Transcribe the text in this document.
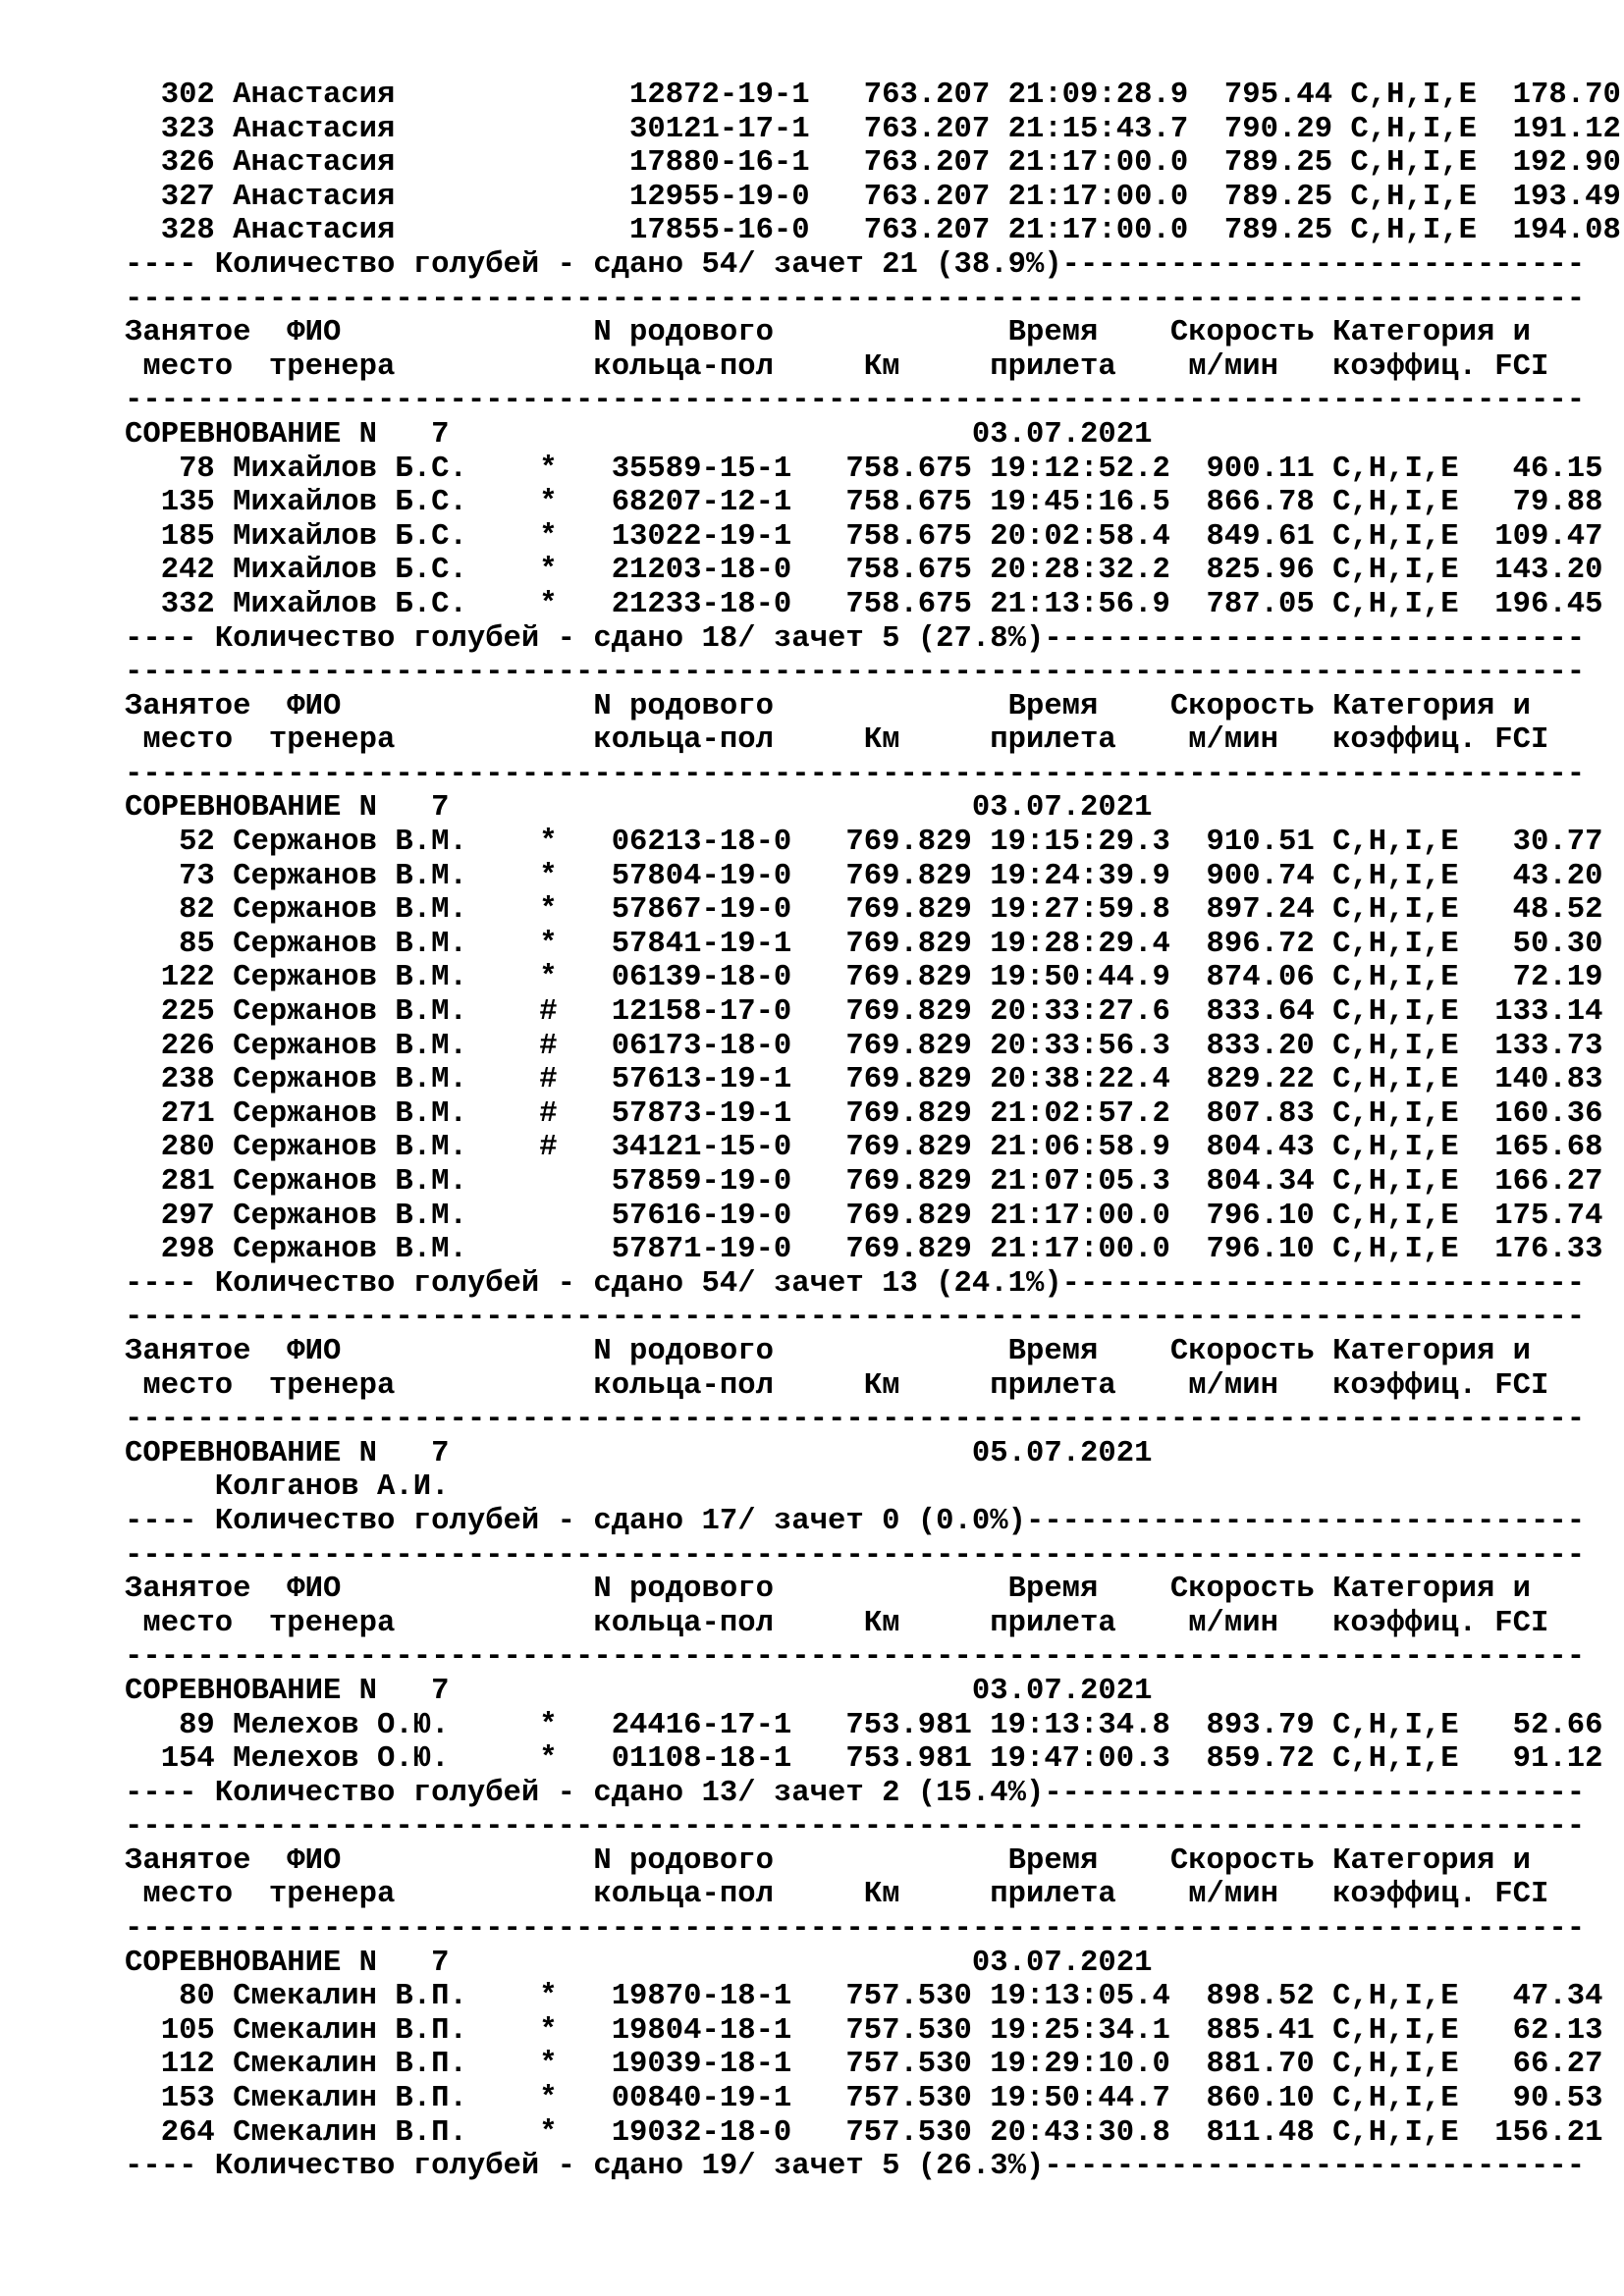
302 Анастасия             12872-19-1   763.207 21:09:28.9  795.44 C,H,I,E  178.70
323 Анастасия             30121-17-1   763.207 21:15:43.7  790.29 C,H,I,E  191.12
326 Анастасия             17880-16-1   763.207 21:17:00.0  789.25 C,H,I,E  192.90
327 Анастасия             12955-19-0   763.207 21:17:00.0  789.25 C,H,I,E  193.49
328 Анастасия             17855-16-0   763.207 21:17:00.0  789.25 C,H,I,E  194.08
---- Количество голубей - сдано 54/ зачет 21 (38.9%)-----------------------------
---------------------------------------------------------------------------------
Занятое  ФИО              N родового             Время    Скорость Категория и
место  тренера           кольца-пол     Км     прилета    м/мин   коэффиц. FCI
---------------------------------------------------------------------------------
СОРЕВНОВАНИЕ N   7                             03.07.2021
78 Михайлов Б.С.    *   35589-15-1   758.675 19:12:52.2  900.11 C,H,I,E   46.15
135 Михайлов Б.С.    *   68207-12-1   758.675 19:45:16.5  866.78 C,H,I,E   79.88
185 Михайлов Б.С.    *   13022-19-1   758.675 20:02:58.4  849.61 C,H,I,E  109.47
242 Михайлов Б.С.    *   21203-18-0   758.675 20:28:32.2  825.96 C,H,I,E  143.20
332 Михайлов Б.С.    *   21233-18-0   758.675 21:13:56.9  787.05 C,H,I,E  196.45
---- Количество голубей - сдано 18/ зачет 5 (27.8%)------------------------------
---------------------------------------------------------------------------------
Занятое  ФИО              N родового             Время    Скорость Категория и
место  тренера           кольца-пол     Км     прилета    м/мин   коэффиц. FCI
---------------------------------------------------------------------------------
СОРЕВНОВАНИЕ N   7                             03.07.2021
52 Сержанов В.М.    *   06213-18-0   769.829 19:15:29.3  910.51 C,H,I,E   30.77
73 Сержанов В.М.    *   57804-19-0   769.829 19:24:39.9  900.74 C,H,I,E   43.20
82 Сержанов В.М.    *   57867-19-0   769.829 19:27:59.8  897.24 C,H,I,E   48.52
85 Сержанов В.М.    *   57841-19-1   769.829 19:28:29.4  896.72 C,H,I,E   50.30
122 Сержанов В.М.    *   06139-18-0   769.829 19:50:44.9  874.06 C,H,I,E   72.19
225 Сержанов В.М.    #   12158-17-0   769.829 20:33:27.6  833.64 C,H,I,E  133.14
226 Сержанов В.М.    #   06173-18-0   769.829 20:33:56.3  833.20 C,H,I,E  133.73
238 Сержанов В.М.    #   57613-19-1   769.829 20:38:22.4  829.22 C,H,I,E  140.83
271 Сержанов В.М.    #   57873-19-1   769.829 21:02:57.2  807.83 C,H,I,E  160.36
280 Сержанов В.М.    #   34121-15-0   769.829 21:06:58.9  804.43 C,H,I,E  165.68
281 Сержанов В.М.        57859-19-0   769.829 21:07:05.3  804.34 C,H,I,E  166.27
297 Сержанов В.М.        57616-19-0   769.829 21:17:00.0  796.10 C,H,I,E  175.74
298 Сержанов В.М.        57871-19-0   769.829 21:17:00.0  796.10 C,H,I,E  176.33
---- Количество голубей - сдано 54/ зачет 13 (24.1%)-----------------------------
---------------------------------------------------------------------------------
Занятое  ФИО              N родового             Время    Скорость Категория и
место  тренера           кольца-пол     Км     прилета    м/мин   коэффиц. FCI
---------------------------------------------------------------------------------
СОРЕВНОВАНИЕ N   7                             05.07.2021
Колганов А.И.
---- Количество голубей - сдано 17/ зачет 0 (0.0%)-------------------------------
---------------------------------------------------------------------------------
Занятое  ФИО              N родового             Время    Скорость Категория и
место  тренера           кольца-пол     Км     прилета    м/мин   коэффиц. FCI
---------------------------------------------------------------------------------
СОРЕВНОВАНИЕ N   7                             03.07.2021
89 Мелехов О.Ю.     *   24416-17-1   753.981 19:13:34.8  893.79 C,H,I,E   52.66
154 Мелехов О.Ю.     *   01108-18-1   753.981 19:47:00.3  859.72 C,H,I,E   91.12
---- Количество голубей - сдано 13/ зачет 2 (15.4%)------------------------------
---------------------------------------------------------------------------------
Занятое  ФИО              N родового             Время    Скорость Категория и
место  тренера           кольца-пол     Км     прилета    м/мин   коэффиц. FCI
---------------------------------------------------------------------------------
СОРЕВНОВАНИЕ N   7                             03.07.2021
80 Смекалин В.П.    *   19870-18-1   757.530 19:13:05.4  898.52 C,H,I,E   47.34
105 Смекалин В.П.    *   19804-18-1   757.530 19:25:34.1  885.41 C,H,I,E   62.13
112 Смекалин В.П.    *   19039-18-1   757.530 19:29:10.0  881.70 C,H,I,E   66.27
153 Смекалин В.П.    *   00840-19-1   757.530 19:50:44.7  860.10 C,H,I,E   90.53
264 Смекалин В.П.    *   19032-18-0   757.530 20:43:30.8  811.48 C,H,I,E  156.21
---- Количество голубей - сдано 19/ зачет 5 (26.3%)------------------------------
